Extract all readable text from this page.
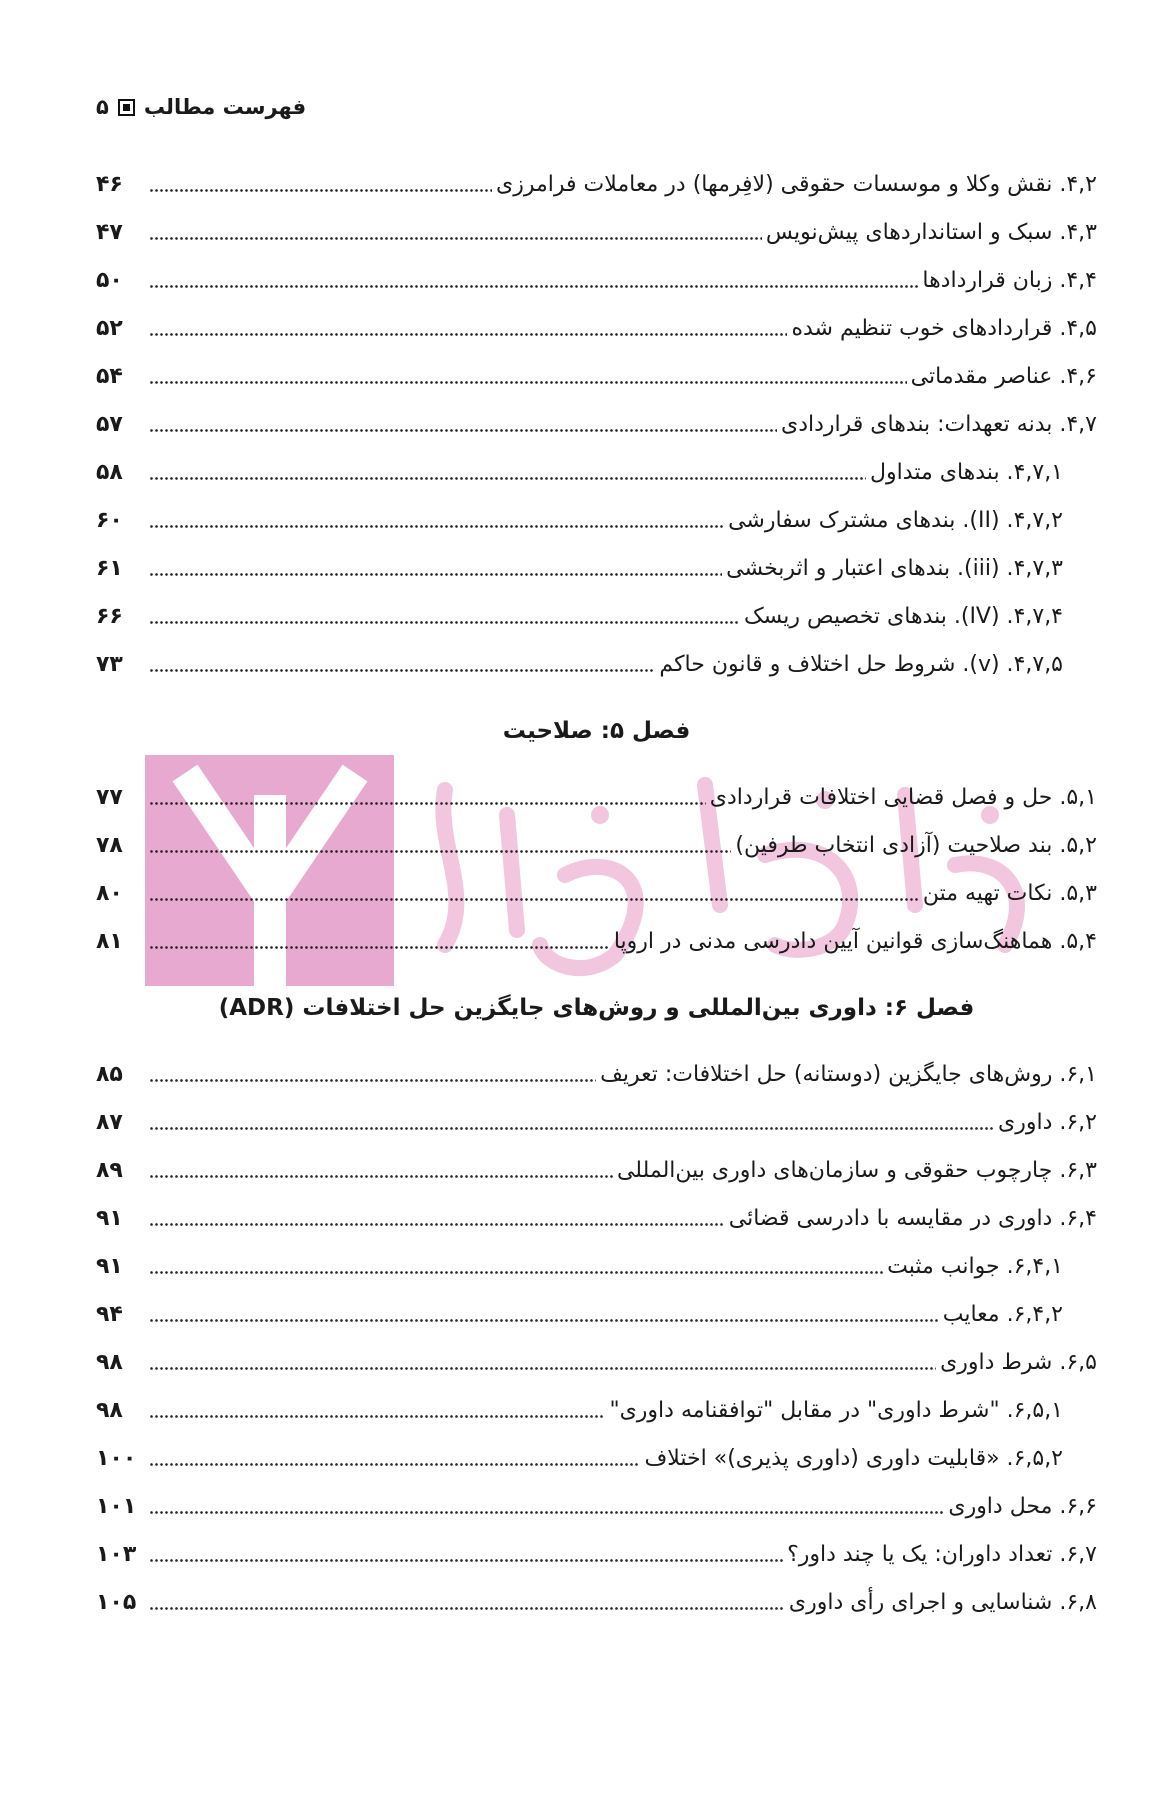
فهرست مطالب
۵
۴,۲. نقش وکلا و موسسات حقوقی (لافِرمها) در معاملات فرامرزی
۴۶
۴,۳. سبک و استانداردهای پیش‌نویس
۴۷
۴,۴. زبان قراردادها
۵۰
۴,۵. قراردادهای خوب تنظیم شده
۵۲
۴,۶. عناصر مقدماتی
۵۴
۴,۷. بدنه تعهدات: بندهای قراردادی
۵۷
۴,۷,۱. بندهای متداول
۵۸
۴,۷,۲. (II). بندهای مشترک سفارشی
۶۰
۴,۷,۳. (iii). بندهای اعتبار و اثربخشی
۶۱
۴,۷,۴. (IV). بندهای تخصیص ریسک
۶۶
۴,۷,۵. (v). شروط حل اختلاف و قانون حاکم
۷۳
فصل ۵: صلاحیت
۵,۱. حل و فصل قضایی اختلافات قراردادی
۷۷
۵,۲. بند صلاحیت (آزادی انتخاب طرفین)
۷۸
۵,۳. نکات تهیه متن
۸۰
۵,۴. هماهنگ‌سازی قوانین آیین دادرسی مدنی در اروپا
۸۱
فصل ۶: داوری بین‌المللی و روش‌های جایگزین حل اختلافات (ADR)
۶,۱. روش‌های جایگزین (دوستانه) حل اختلافات: تعریف
۸۵
۶,۲. داوری
۸۷
۶,۳. چارچوب حقوقی و سازمان‌های داوری بین‌المللی
۸۹
۶,۴. داوری در مقایسه با دادرسی قضائی
۹۱
۶,۴,۱. جوانب مثبت
۹۱
۶,۴,۲. معایب
۹۴
۶,۵. شرط داوری
۹۸
۶,۵,۱. "شرط داوری" در مقابل "توافقنامه داوری"
۹۸
۶,۵,۲. «قابلیت داوری (داوری پذیری)» اختلاف
۱۰۰
۶,۶. محل داوری
۱۰۱
۶,۷. تعداد داوران: یک یا چند داور؟
۱۰۳
۶,۸. شناسایی و اجرای رأی داوری
۱۰۵
